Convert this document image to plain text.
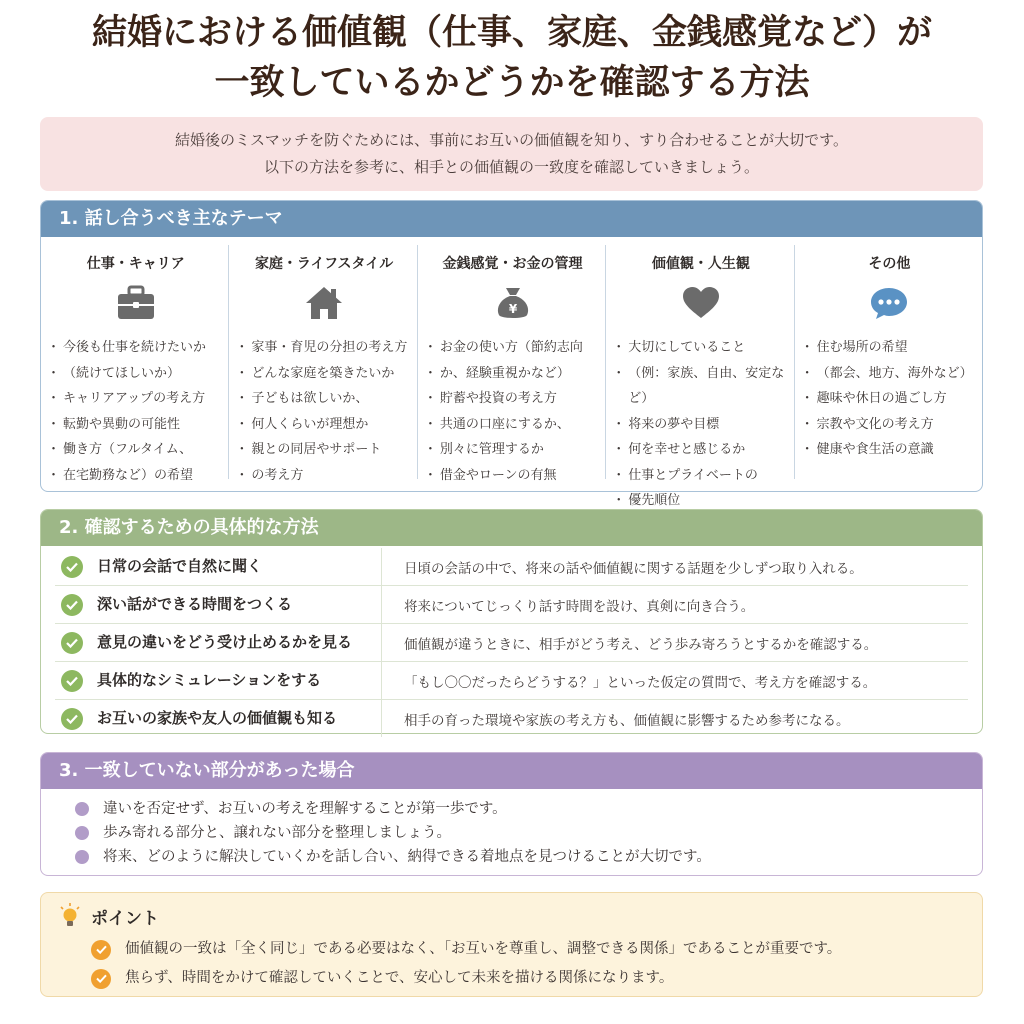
結婚における価値観（仕事、家庭、金銭感覚など）が
一致しているかどうかを確認する方法
結婚後のミスマッチを防ぐためには、事前にお互いの価値観を知り、すり合わせることが大切です。
以下の方法を参考に、相手との価値観の一致度を確認していきましょう。
1. 話し合うべき主なテーマ
仕事・キャリア
・ 今後も仕事を続けたいか
・ （続けてほしいか）
・ キャリアアップの考え方
・ 転勤や異動の可能性
・ 働き方（フルタイム、
・ 在宅勤務など）の希望
家庭・ライフスタイル
・ 家事・育児の分担の考え方
・ どんな家庭を築きたいか
・ 子どもは欲しいか、
・ 何人くらいが理想か
・ 親との同居やサポート
・ の考え方
金銭感覚・お金の管理
¥
・ お金の使い方（節約志向
・ か、経験重視かなど）
・ 貯蓄や投資の考え方
・ 共通の口座にするか、
・ 別々に管理するか
・ 借金やローンの有無
価値観・人生観
・ 大切にしていること
・ （例：家族、自由、安定など）
・ 将来の夢や目標
・ 何を幸せと感じるか
・ 仕事とプライベートの
・ 優先順位
その他
・ 住む場所の希望
・ （都会、地方、海外など）
・ 趣味や休日の過ごし方
・ 宗教や文化の考え方
・ 健康や食生活の意識
2. 確認するための具体的な方法
日常の会話で自然に聞く	日頃の会話の中で、将来の話や価値観に関する話題を少しずつ取り入れる。
深い話ができる時間をつくる	将来についてじっくり話す時間を設け、真剣に向き合う。
意見の違いをどう受け止めるかを見る	価値観が違うときに、相手がどう考え、どう歩み寄ろうとするかを確認する。
具体的なシミュレーションをする	「もし〇〇だったらどうする？」といった仮定の質問で、考え方を確認する。
お互いの家族や友人の価値観も知る	相手の育った環境や家族の考え方も、価値観に影響するため参考になる。
3. 一致していない部分があった場合
違いを否定せず、お互いの考えを理解することが第一歩です。
歩み寄れる部分と、譲れない部分を整理しましょう。
将来、どのように解決していくかを話し合い、納得できる着地点を見つけることが大切です。
ポイント
価値観の一致は「全く同じ」である必要はなく、「お互いを尊重し、調整できる関係」であることが重要です。
焦らず、時間をかけて確認していくことで、安心して未来を描ける関係になります。
